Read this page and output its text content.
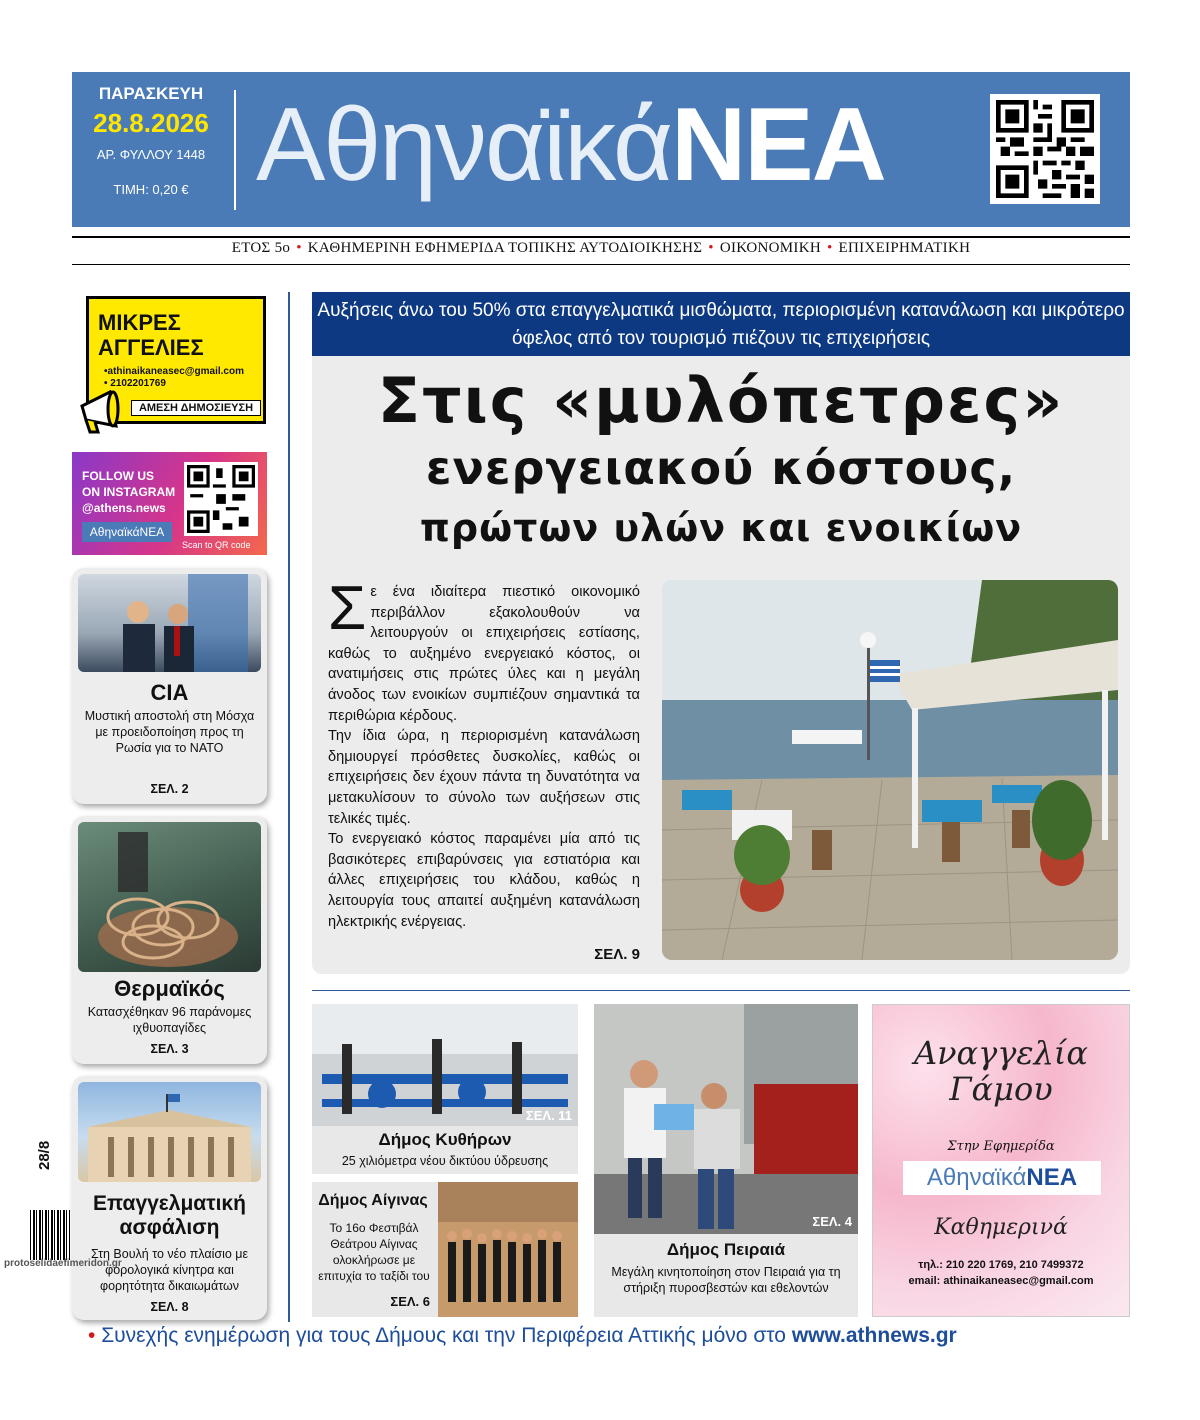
ΠΑΡΑΣΚΕΥΗ
28.8.2026
ΑΡ. ΦΥΛΛΟΥ 1448
ΤΙΜΗ: 0,20 € ΑθηναϊκάΝΕΑ
ΕΤΟΣ 5ο • ΚΑΘΗΜΕΡΙΝΗ ΕΦΗΜΕΡΙΔΑ ΤΟΠΙΚΗΣ ΑΥΤΟΔΙΟΙΚΗΣΗΣ • ΟΙΚΟΝΟΜΙΚΗ • ΕΠΙΧΕΙΡΗΜΑΤΙΚΗ
ΜΙΚΡΕΣ
ΑΓΓΕΛΙΕΣ
•athinaikaneasec@gmail.com
• 2102201769
ΑΜΕΣΗ ΔΗΜΟΣΙΕΥΣΗ
FOLLOW US
ON INSTAGRAM
@athens.news
ΑθηναϊκάΝΕΑ
Scan to QR code
CIA
Μυστική αποστολή στη Μόσχα με προειδοποίηση προς τη Ρωσία για το ΝΑΤΟ
ΣΕΛ. 2
Θερμαϊκός
Κατασχέθηκαν 96 παράνομες ιχθυοπαγίδες
ΣΕΛ. 3
Επαγγελματική ασφάλιση
Στη Βουλή το νέο πλαίσιο με φορολογικά κίνητρα και φορητότητα δικαιωμάτων
ΣΕΛ. 8
28/8
protoselidaefimeridon.gr
Αυξήσεις άνω του 50% στα επαγγελματικά μισθώματα, περιορισμένη κατανάλωση και μικρότερο όφελος από τον τουρισμό πιέζουν τις επιχειρήσεις
Στις «μυλόπετρες»
ενεργειακού κόστους,
πρώτων υλών και ενοικίων
Σε ένα ιδιαίτερα πιεστικό οικονομικό περιβάλλον εξακολουθούν να λειτουργούν οι επιχειρήσεις εστίασης, καθώς το αυξημένο ενεργειακό κόστος, οι ανατιμήσεις στις πρώτες ύλες και η μεγάλη άνοδος των ενοικίων συμπιέζουν σημαντικά τα περιθώρια κέρδους.
Την ίδια ώρα, η περιορισμένη κατανάλωση δημιουργεί πρόσθετες δυσκολίες, καθώς οι επιχειρήσεις δεν έχουν πάντα τη δυνατότητα να μετακυλίσουν το σύνολο των αυξήσεων στις τελικές τιμές.
Το ενεργειακό κόστος παραμένει μία από τις βασικότερες επιβαρύνσεις για εστιατόρια και άλλες επιχειρήσεις του κλάδου, καθώς η λειτουργία τους απαιτεί αυξημένη κατανάλωση ηλεκτρικής ενέργειας.
ΣΕΛ. 9
ΣΕΛ. 11
Δήμος Κυθήρων
25 χιλιόμετρα νέου δικτύου ύδρευσης
Δήμος Αίγινας
Το 16ο Φεστιβάλ Θεάτρου Αίγινας ολοκλήρωσε με επιτυχία το ταξίδι του
ΣΕΛ. 6
ΣΕΛ. 4
Δήμος Πειραιά
Μεγάλη κινητοποίηση στον Πειραιά για τη στήριξη πυροσβεστών και εθελοντών
Αναγγελία
Γάμου
Στην Εφημερίδα
ΑθηναϊκάΝΕΑ
Καθημερινά
τηλ.: 210 220 1769, 210 7499372
email: athinaikaneasec@gmail.com
• Συνεχής ενημέρωση για τους Δήμους και την Περιφέρεια Αττικής μόνο στο www.athnews.gr
